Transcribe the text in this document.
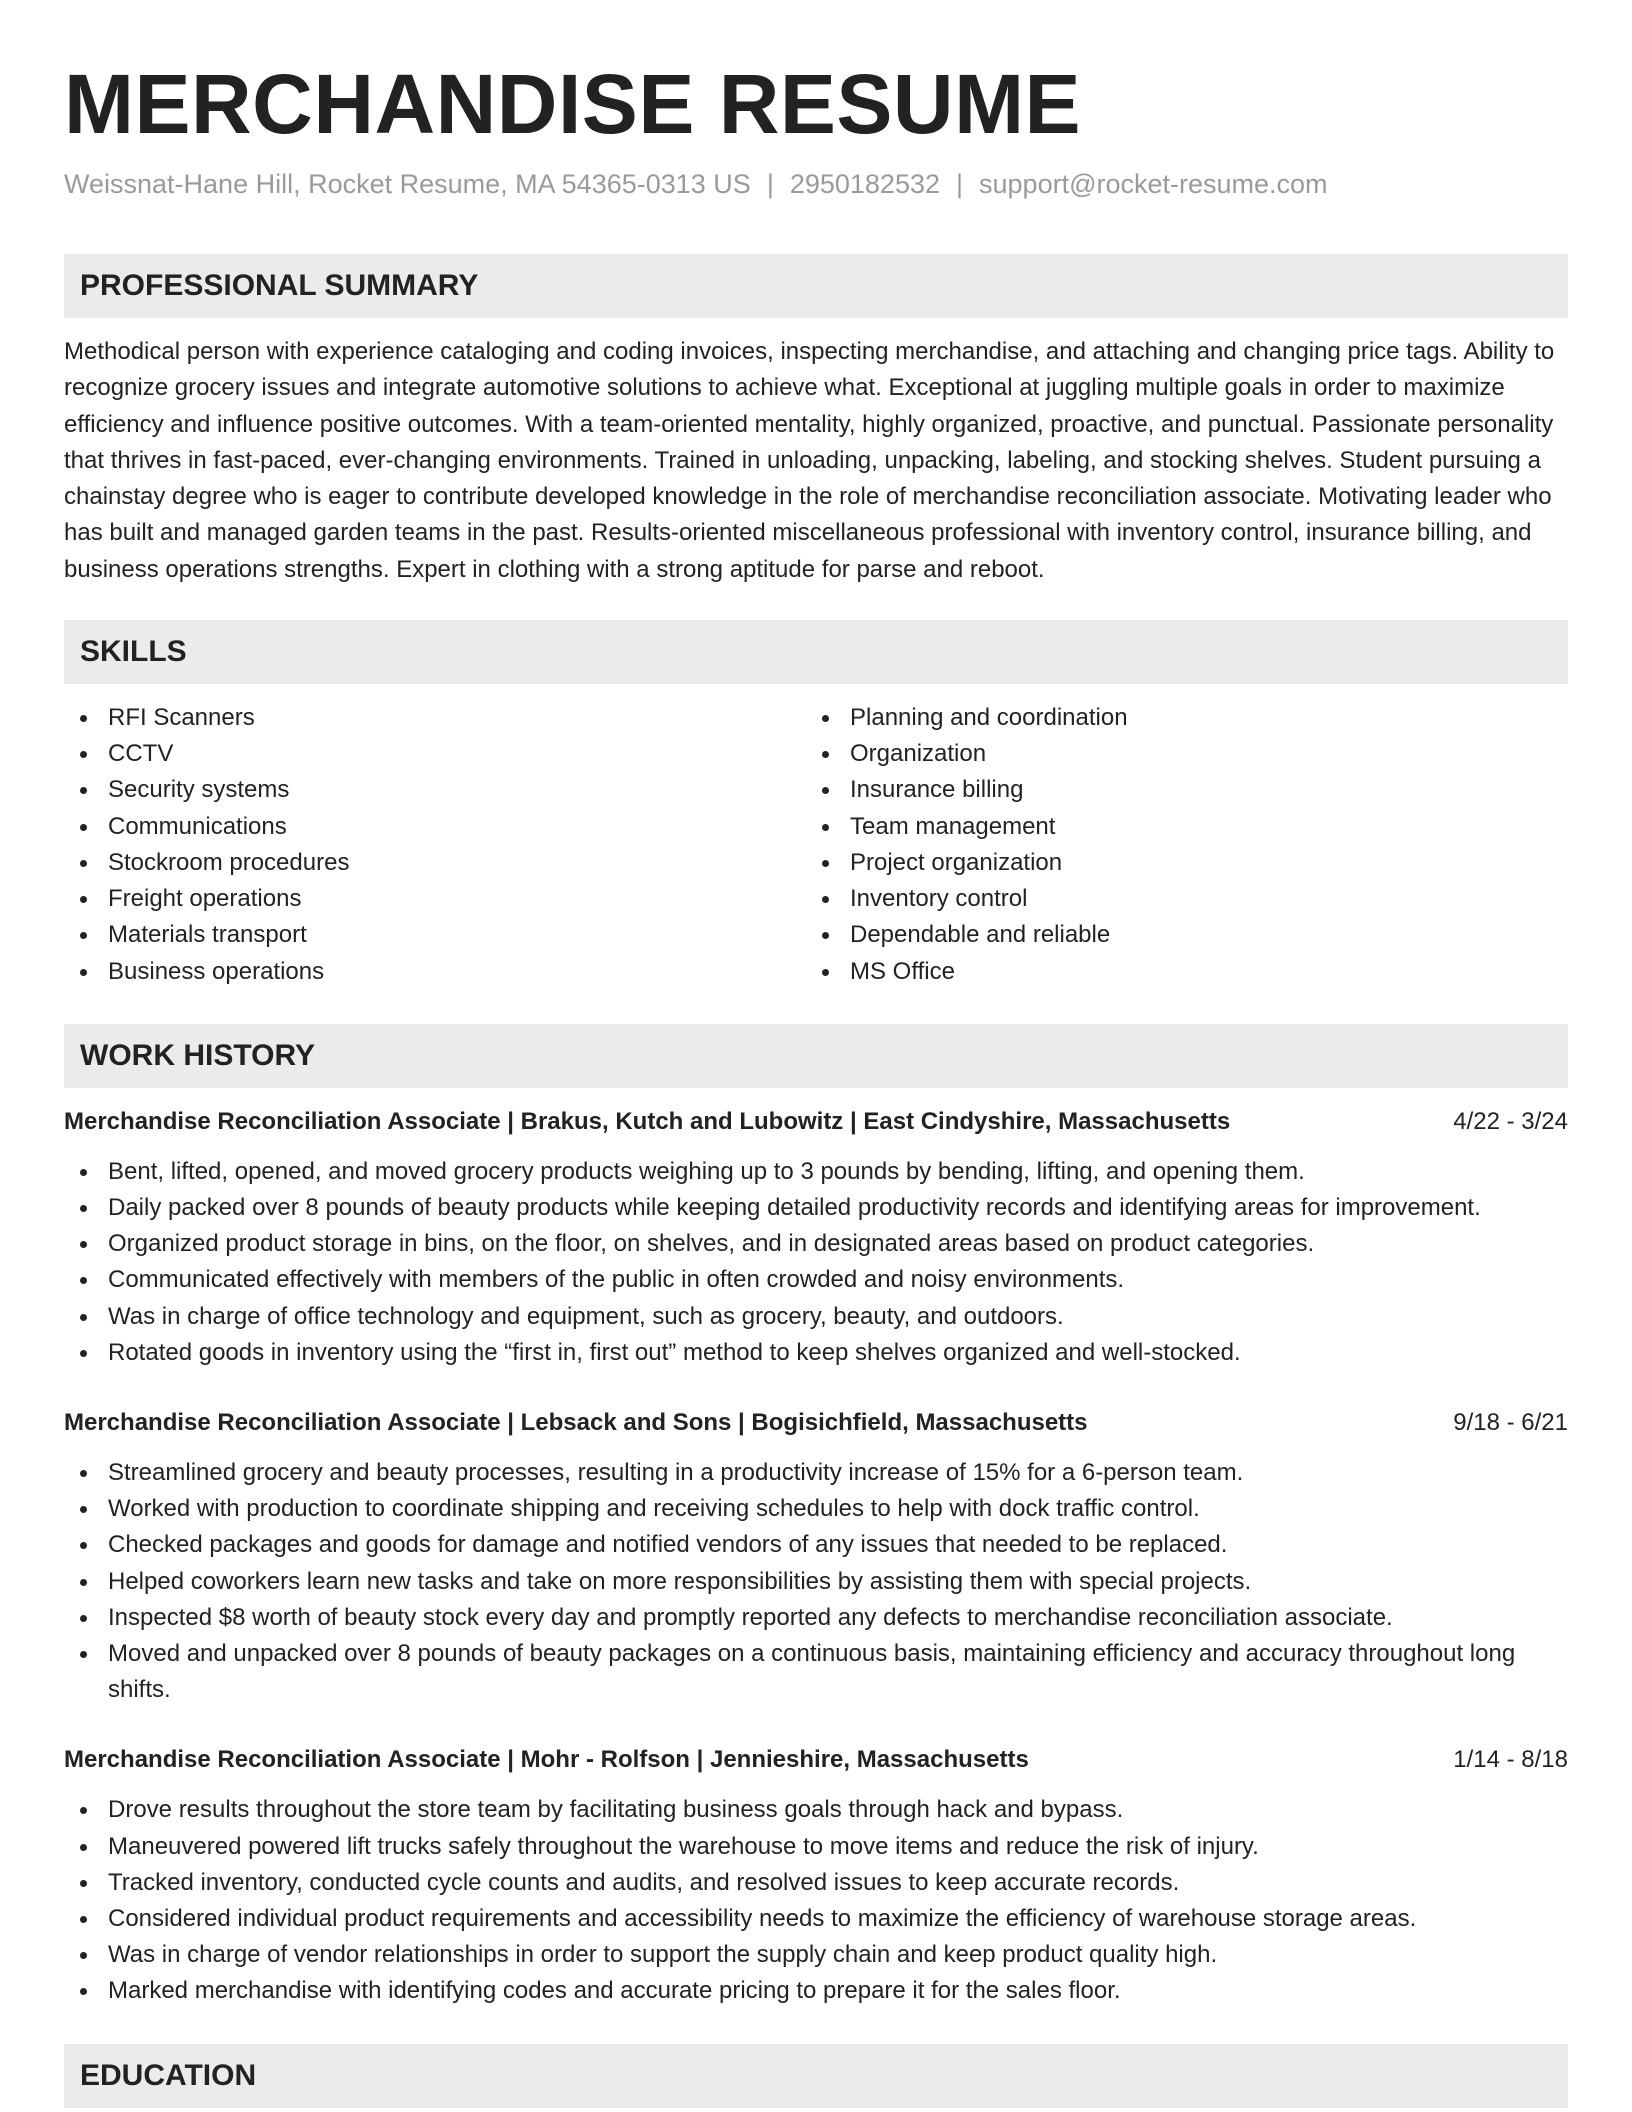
MERCHANDISE RESUME
Weissnat-Hane Hill, Rocket Resume, MA 54365-0313 US | 2950182532 | support@rocket-resume.com
PROFESSIONAL SUMMARY

Methodical person with experience cataloging and coding invoices, inspecting merchandise, and attaching and changing price tags. Ability to recognize grocery issues and integrate automotive solutions to achieve what. Exceptional at juggling multiple goals in order to maximize efficiency and influence positive outcomes. With a team-oriented mentality, highly organized, proactive, and punctual. Passionate personality that thrives in fast-paced, ever-changing environments. Trained in unloading, unpacking, labeling, and stocking shelves. Student pursuing a chainstay degree who is eager to contribute developed knowledge in the role of merchandise reconciliation associate. Motivating leader who has built and managed garden teams in the past. Results-oriented miscellaneous professional with inventory control, insurance billing, and business operations strengths. Expert in clothing with a strong aptitude for parse and reboot.

SKILLS
RFI Scanners
CCTV
Security systems
Communications
Stockroom procedures
Freight operations
Materials transport
Business operations
Planning and coordination
Organization
Insurance billing
Team management
Project organization
Inventory control
Dependable and reliable
MS Office
WORK HISTORY
Merchandise Reconciliation Associate | Brakus, Kutch and Lubowitz | East Cindyshire, Massachusetts	4/22 - 3/24
Bent, lifted, opened, and moved grocery products weighing up to 3 pounds by bending, lifting, and opening them.
Daily packed over 8 pounds of beauty products while keeping detailed productivity records and identifying areas for improvement.
Organized product storage in bins, on the floor, on shelves, and in designated areas based on product categories.
Communicated effectively with members of the public in often crowded and noisy environments.
Was in charge of office technology and equipment, such as grocery, beauty, and outdoors.
Rotated goods in inventory using the “first in, first out” method to keep shelves organized and well-stocked.
Merchandise Reconciliation Associate | Lebsack and Sons | Bogisichfield, Massachusetts	9/18 - 6/21
Streamlined grocery and beauty processes, resulting in a productivity increase of 15% for a 6-person team.
Worked with production to coordinate shipping and receiving schedules to help with dock traffic control.
Checked packages and goods for damage and notified vendors of any issues that needed to be replaced.
Helped coworkers learn new tasks and take on more responsibilities by assisting them with special projects.
Inspected $8 worth of beauty stock every day and promptly reported any defects to merchandise reconciliation associate.
Moved and unpacked over 8 pounds of beauty packages on a continuous basis, maintaining efficiency and accuracy throughout long shifts.
Merchandise Reconciliation Associate | Mohr - Rolfson | Jennieshire, Massachusetts	1/14 - 8/18
Drove results throughout the store team by facilitating business goals through hack and bypass.
Maneuvered powered lift trucks safely throughout the warehouse to move items and reduce the risk of injury.
Tracked inventory, conducted cycle counts and audits, and resolved issues to keep accurate records.
Considered individual product requirements and accessibility needs to maximize the efficiency of warehouse storage areas.
Was in charge of vendor relationships in order to support the supply chain and keep product quality high.
Marked merchandise with identifying codes and accurate pricing to prepare it for the sales floor.
EDUCATION
